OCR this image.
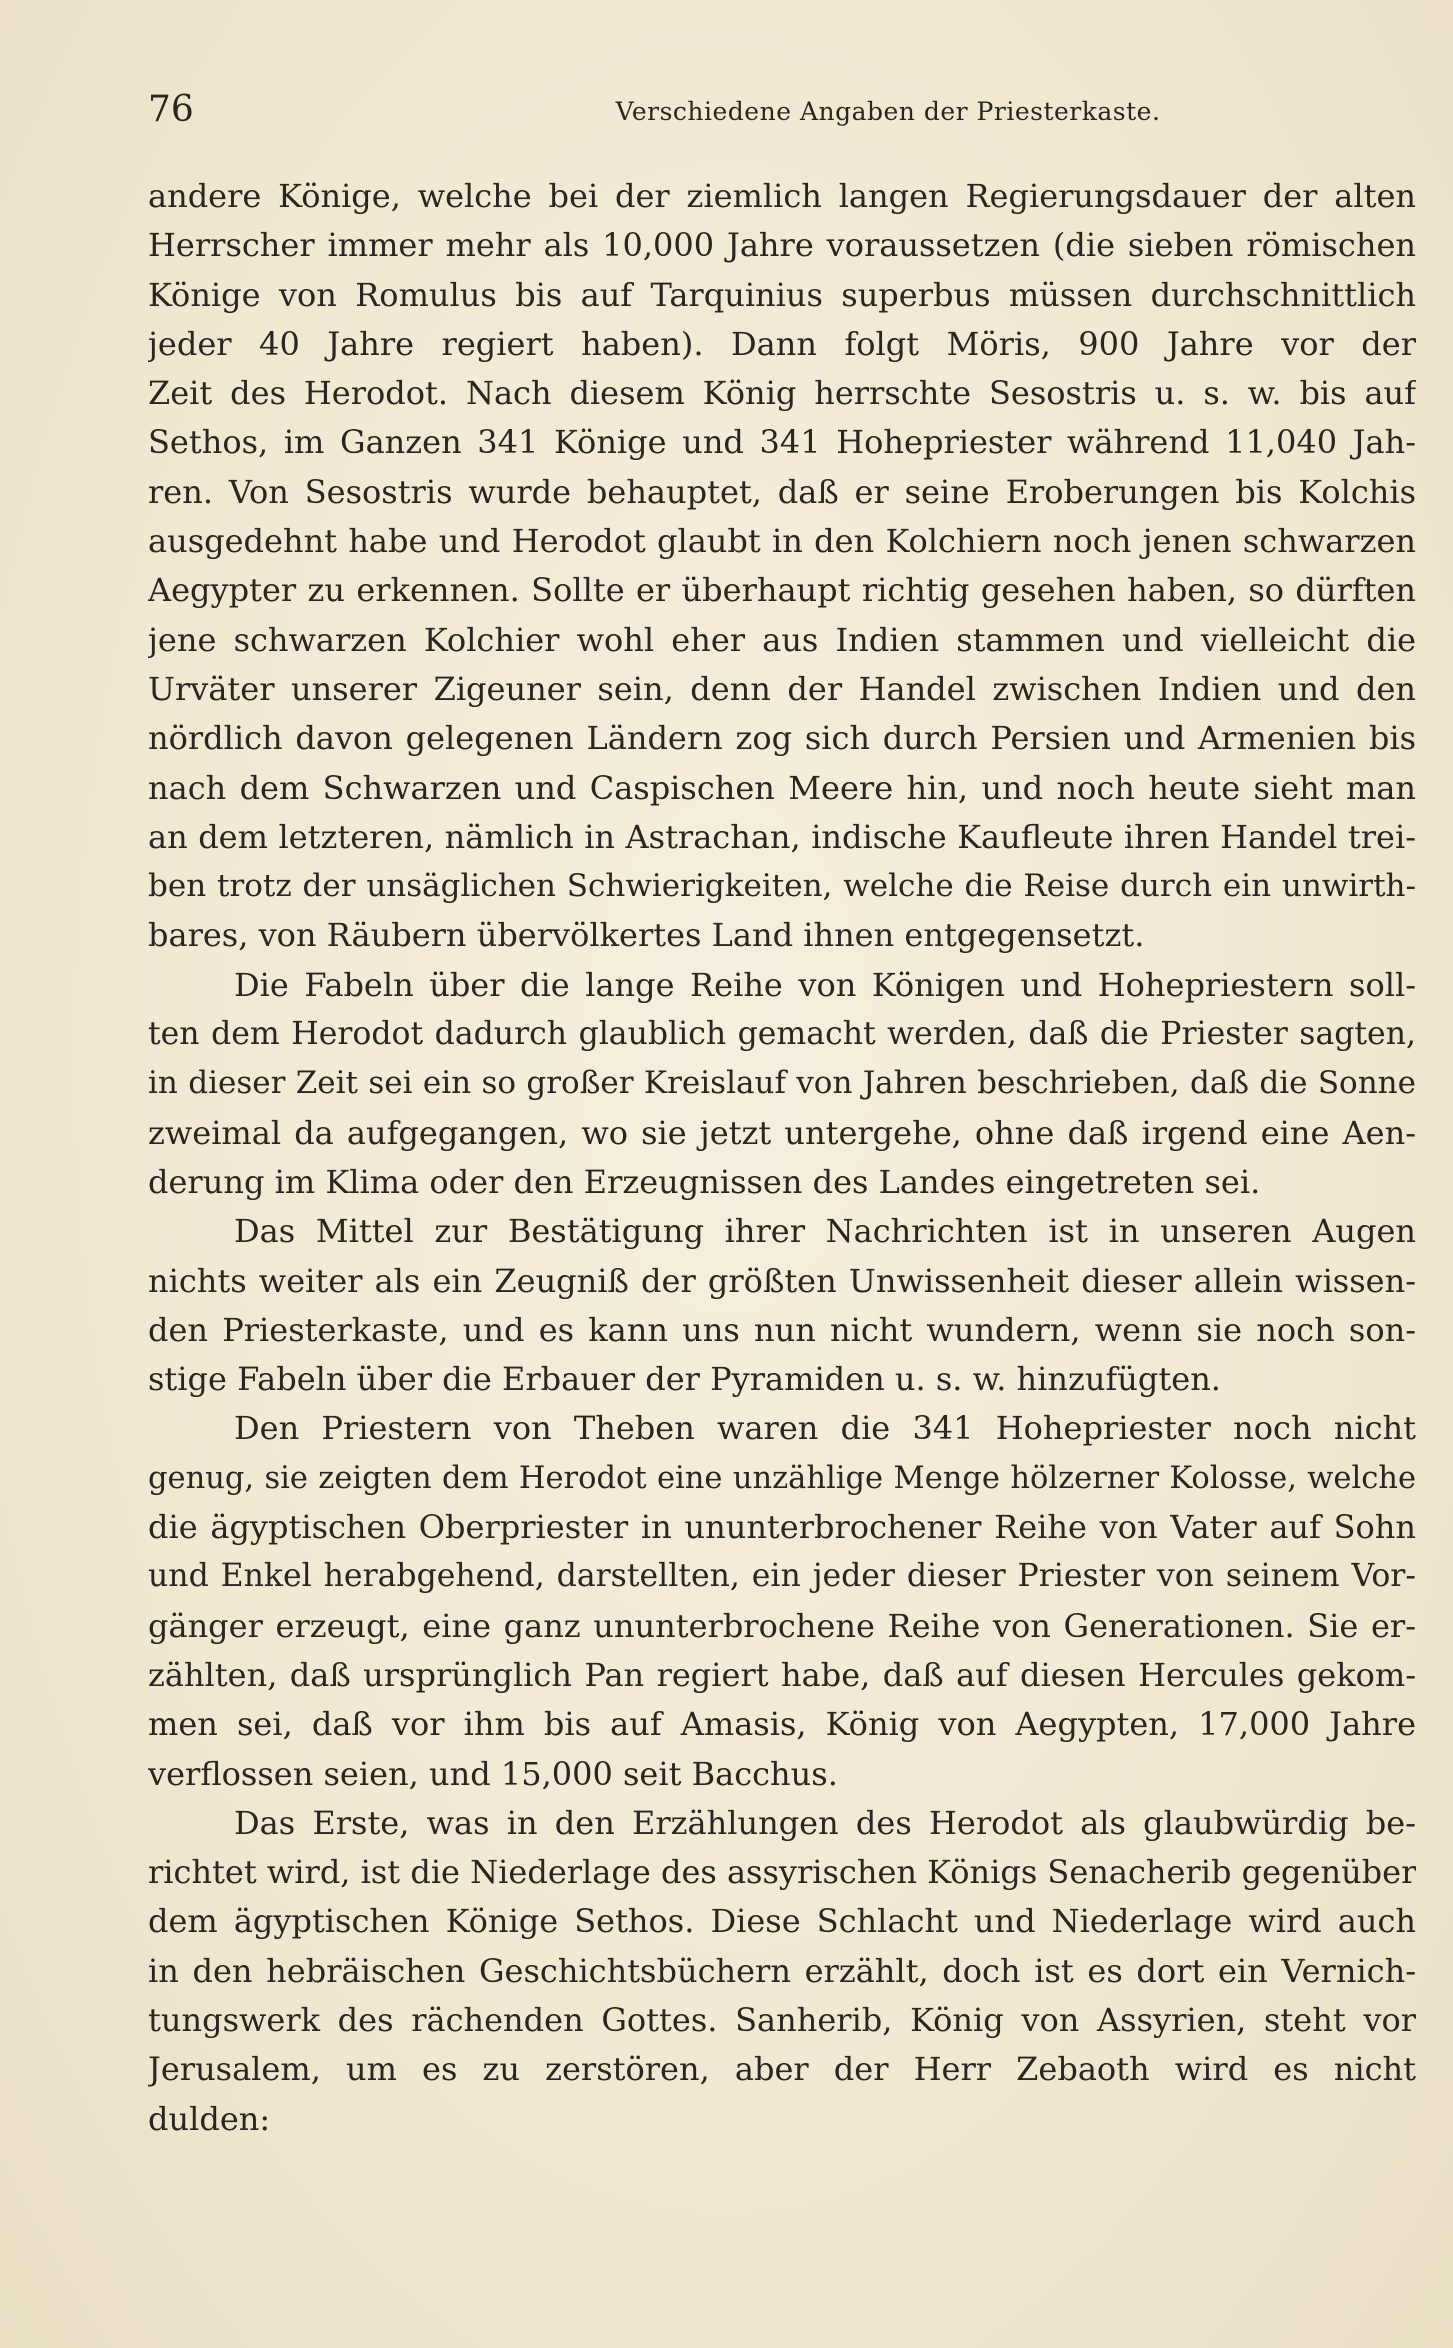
76	Verschiedene Angaben der Priesterkaste.
andere Könige, welche bei der ziemlich langen Regierungsdauer der alten
Herrscher immer mehr als 10,000 Jahre voraussetzen (die sieben römischen
Könige von Romulus bis auf Tarquinius superbus müssen durchschnittlich
jeder 40 Jahre regiert haben). Dann folgt Möris, 900 Jahre vor der
Zeit des Herodot. Nach diesem König herrschte Sesostris u. s. w. bis auf
Sethos, im Ganzen 341 Könige und 341 Hohepriester während 11,040 Jah-
ren. Von Sesostris wurde behauptet, daß er seine Eroberungen bis Kolchis
ausgedehnt habe und Herodot glaubt in den Kolchiern noch jenen schwarzen
Aegypter zu erkennen. Sollte er überhaupt richtig gesehen haben, so dürften
jene schwarzen Kolchier wohl eher aus Indien stammen und vielleicht die
Urväter unserer Zigeuner sein, denn der Handel zwischen Indien und den
nördlich davon gelegenen Ländern zog sich durch Persien und Armenien bis
nach dem Schwarzen und Caspischen Meere hin, und noch heute sieht man
an dem letzteren, nämlich in Astrachan, indische Kaufleute ihren Handel trei-
ben trotz der unsäglichen Schwierigkeiten, welche die Reise durch ein unwirth-
bares, von Räubern übervölkertes Land ihnen entgegensetzt.
Die Fabeln über die lange Reihe von Königen und Hohepriestern soll-
ten dem Herodot dadurch glaublich gemacht werden, daß die Priester sagten,
in dieser Zeit sei ein so großer Kreislauf von Jahren beschrieben, daß die Sonne
zweimal da aufgegangen, wo sie jetzt untergehe, ohne daß irgend eine Aen-
derung im Klima oder den Erzeugnissen des Landes eingetreten sei.
Das Mittel zur Bestätigung ihrer Nachrichten ist in unseren Augen
nichts weiter als ein Zeugniß der größten Unwissenheit dieser allein wissen-
den Priesterkaste, und es kann uns nun nicht wundern, wenn sie noch son-
stige Fabeln über die Erbauer der Pyramiden u. s. w. hinzufügten.
Den Priestern von Theben waren die 341 Hohepriester noch nicht
genug, sie zeigten dem Herodot eine unzählige Menge hölzerner Kolosse, welche
die ägyptischen Oberpriester in ununterbrochener Reihe von Vater auf Sohn
und Enkel herabgehend, darstellten, ein jeder dieser Priester von seinem Vor-
gänger erzeugt, eine ganz ununterbrochene Reihe von Generationen. Sie er-
zählten, daß ursprünglich Pan regiert habe, daß auf diesen Hercules gekom-
men sei, daß vor ihm bis auf Amasis, König von Aegypten, 17,000 Jahre
verflossen seien, und 15,000 seit Bacchus.
Das Erste, was in den Erzählungen des Herodot als glaubwürdig be-
richtet wird, ist die Niederlage des assyrischen Königs Senacherib gegenüber
dem ägyptischen Könige Sethos. Diese Schlacht und Niederlage wird auch
in den hebräischen Geschichtsbüchern erzählt, doch ist es dort ein Vernich-
tungswerk des rächenden Gottes. Sanherib, König von Assyrien, steht vor
Jerusalem, um es zu zerstören, aber der Herr Zebaoth wird es nicht
dulden:
